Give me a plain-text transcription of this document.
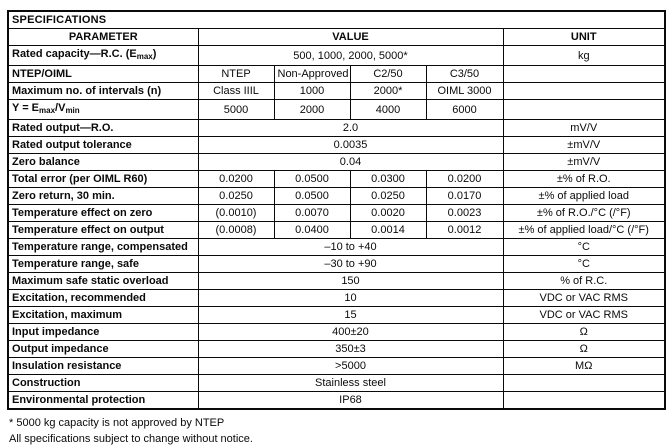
SPECIFICATIONS					
PARAMETER	VALUE				UNIT
Rated capacity—R.C. $(E_{max})$	500, 1000, 2000, 5000*				kg
NTEP/OIML	NTEP	Non-Approved	C2/50	C3/50	
Maximum no. of intervals (n)	Class IIIL	1000	2000*	OIML 3000	
$Y = E_{max}/V_{min}$	5000	2000	4000	6000	
Rated output—R.O.	2.0				mV/V
Rated output tolerance	0.0035				±mV/V
Zero balance	0.04				±mV/V
Total error (per OIML R60)	0.0200	0.0500	0.0300	0.0200	±% of R.O.
Zero return, 30 min.	0.0250	0.0500	0.0250	0.0170	±% of applied load
Temperature effect on zero	(0.0010)	0.0070	0.0020	0.0023	±% of R.O./°C (/°F)
Temperature effect on output	(0.0008)	0.0400	0.0014	0.0012	±% of applied load/°C (/°F)
Temperature range, compensated	–10 to +40				°C
Temperature range, safe	–30 to +90				°C
Maximum safe static overload	150				% of R.C.
Excitation, recommended	10				VDC or VAC RMS
Excitation, maximum	15				VDC or VAC RMS
Input impedance	400±20				Ω
Output impedance	350±3				Ω
Insulation resistance	>5000				MΩ
Construction	Stainless steel				
Environmental protection	IP68				
* 5000 kg capacity is not approved by NTEP
All specifications subject to change without notice.
